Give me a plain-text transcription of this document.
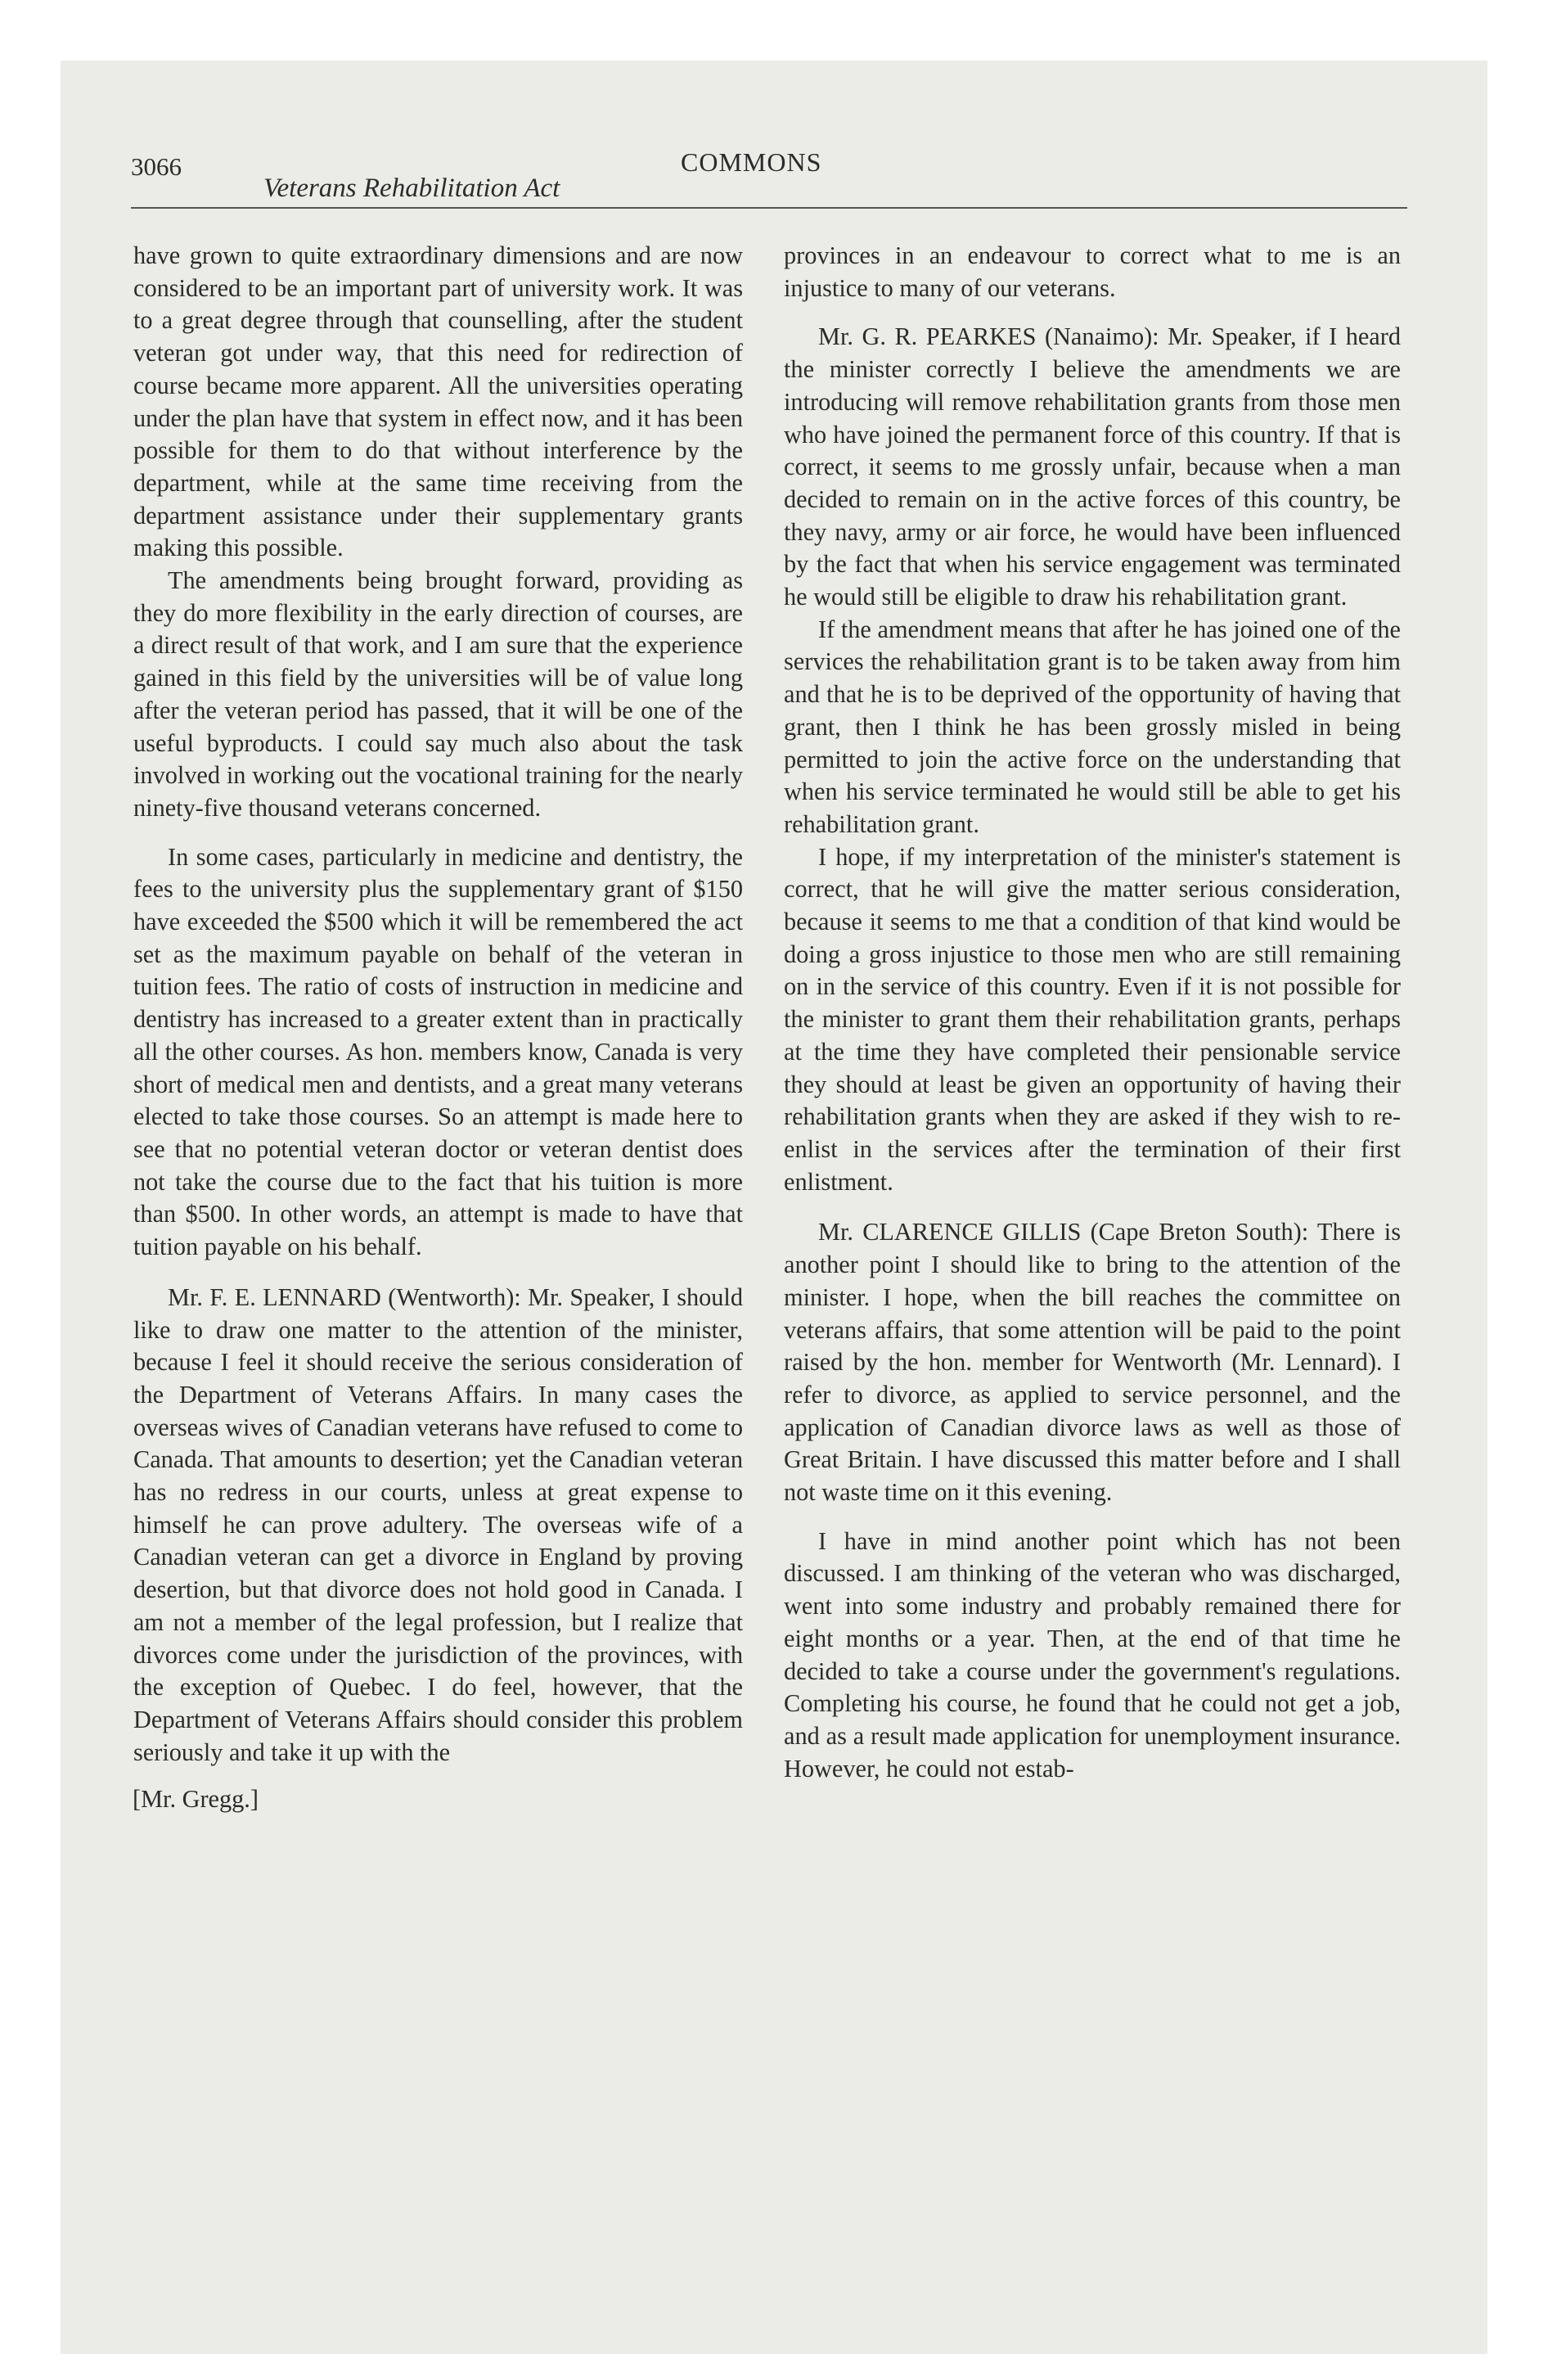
3066	COMMONS
Veterans Rehabilitation Act

have grown to quite extraordinary dimensions and are now considered to be an important part of university work. It was to a great degree through that counselling, after the student veteran got under way, that this need for redirection of course became more apparent. All the universities operating under the plan have that system in effect now, and it has been possible for them to do that without interference by the department, while at the same time receiving from the department assistance under their supplementary grants making this possible.

The amendments being brought forward, providing as they do more flexibility in the early direction of courses, are a direct result of that work, and I am sure that the experience gained in this field by the universities will be of value long after the veteran period has passed, that it will be one of the useful byproducts. I could say much also about the task involved in working out the vocational training for the nearly ninety-five thousand veterans concerned.

In some cases, particularly in medicine and dentistry, the fees to the university plus the supplementary grant of $150 have exceeded the $500 which it will be remembered the act set as the maximum payable on behalf of the veteran in tuition fees. The ratio of costs of instruction in medicine and dentistry has increased to a greater extent than in practically all the other courses. As hon. members know, Canada is very short of medical men and dentists, and a great many veterans elected to take those courses. So an attempt is made here to see that no potential veteran doctor or veteran dentist does not take the course due to the fact that his tuition is more than $500. In other words, an attempt is made to have that tuition payable on his behalf.

Mr. F. E. LENNARD (Wentworth): Mr. Speaker, I should like to draw one matter to the attention of the minister, because I feel it should receive the serious consideration of the Department of Veterans Affairs. In many cases the overseas wives of Canadian veterans have refused to come to Canada. That amounts to desertion; yet the Canadian veteran has no redress in our courts, unless at great expense to himself he can prove adultery. The overseas wife of a Canadian veteran can get a divorce in England by proving desertion, but that divorce does not hold good in Canada. I am not a member of the legal profession, but I realize that divorces come under the jurisdiction of the provinces, with the exception of Quebec. I do feel, however, that the Department of Veterans Affairs should consider this problem seriously and take it up with the

[Mr. Gregg.]

provinces in an endeavour to correct what to me is an injustice to many of our veterans.

Mr. G. R. PEARKES (Nanaimo): Mr. Speaker, if I heard the minister correctly I believe the amendments we are introducing will remove rehabilitation grants from those men who have joined the permanent force of this country. If that is correct, it seems to me grossly unfair, because when a man decided to remain on in the active forces of this country, be they navy, army or air force, he would have been influenced by the fact that when his service engagement was terminated he would still be eligible to draw his rehabilitation grant.

If the amendment means that after he has joined one of the services the rehabilitation grant is to be taken away from him and that he is to be deprived of the opportunity of having that grant, then I think he has been grossly misled in being permitted to join the active force on the understanding that when his service terminated he would still be able to get his rehabilitation grant.

I hope, if my interpretation of the minister's statement is correct, that he will give the matter serious consideration, because it seems to me that a condition of that kind would be doing a gross injustice to those men who are still remaining on in the service of this country. Even if it is not possible for the minister to grant them their rehabilitation grants, perhaps at the time they have completed their pensionable service they should at least be given an opportunity of having their rehabilitation grants when they are asked if they wish to re-enlist in the services after the termination of their first enlistment.

Mr. CLARENCE GILLIS (Cape Breton South): There is another point I should like to bring to the attention of the minister. I hope, when the bill reaches the committee on veterans affairs, that some attention will be paid to the point raised by the hon. member for Wentworth (Mr. Lennard). I refer to divorce, as applied to service personnel, and the application of Canadian divorce laws as well as those of Great Britain. I have discussed this matter before and I shall not waste time on it this evening.

I have in mind another point which has not been discussed. I am thinking of the veteran who was discharged, went into some industry and probably remained there for eight months or a year. Then, at the end of that time he decided to take a course under the government's regulations. Completing his course, he found that he could not get a job, and as a result made application for unemployment insurance. However, he could not estab-
